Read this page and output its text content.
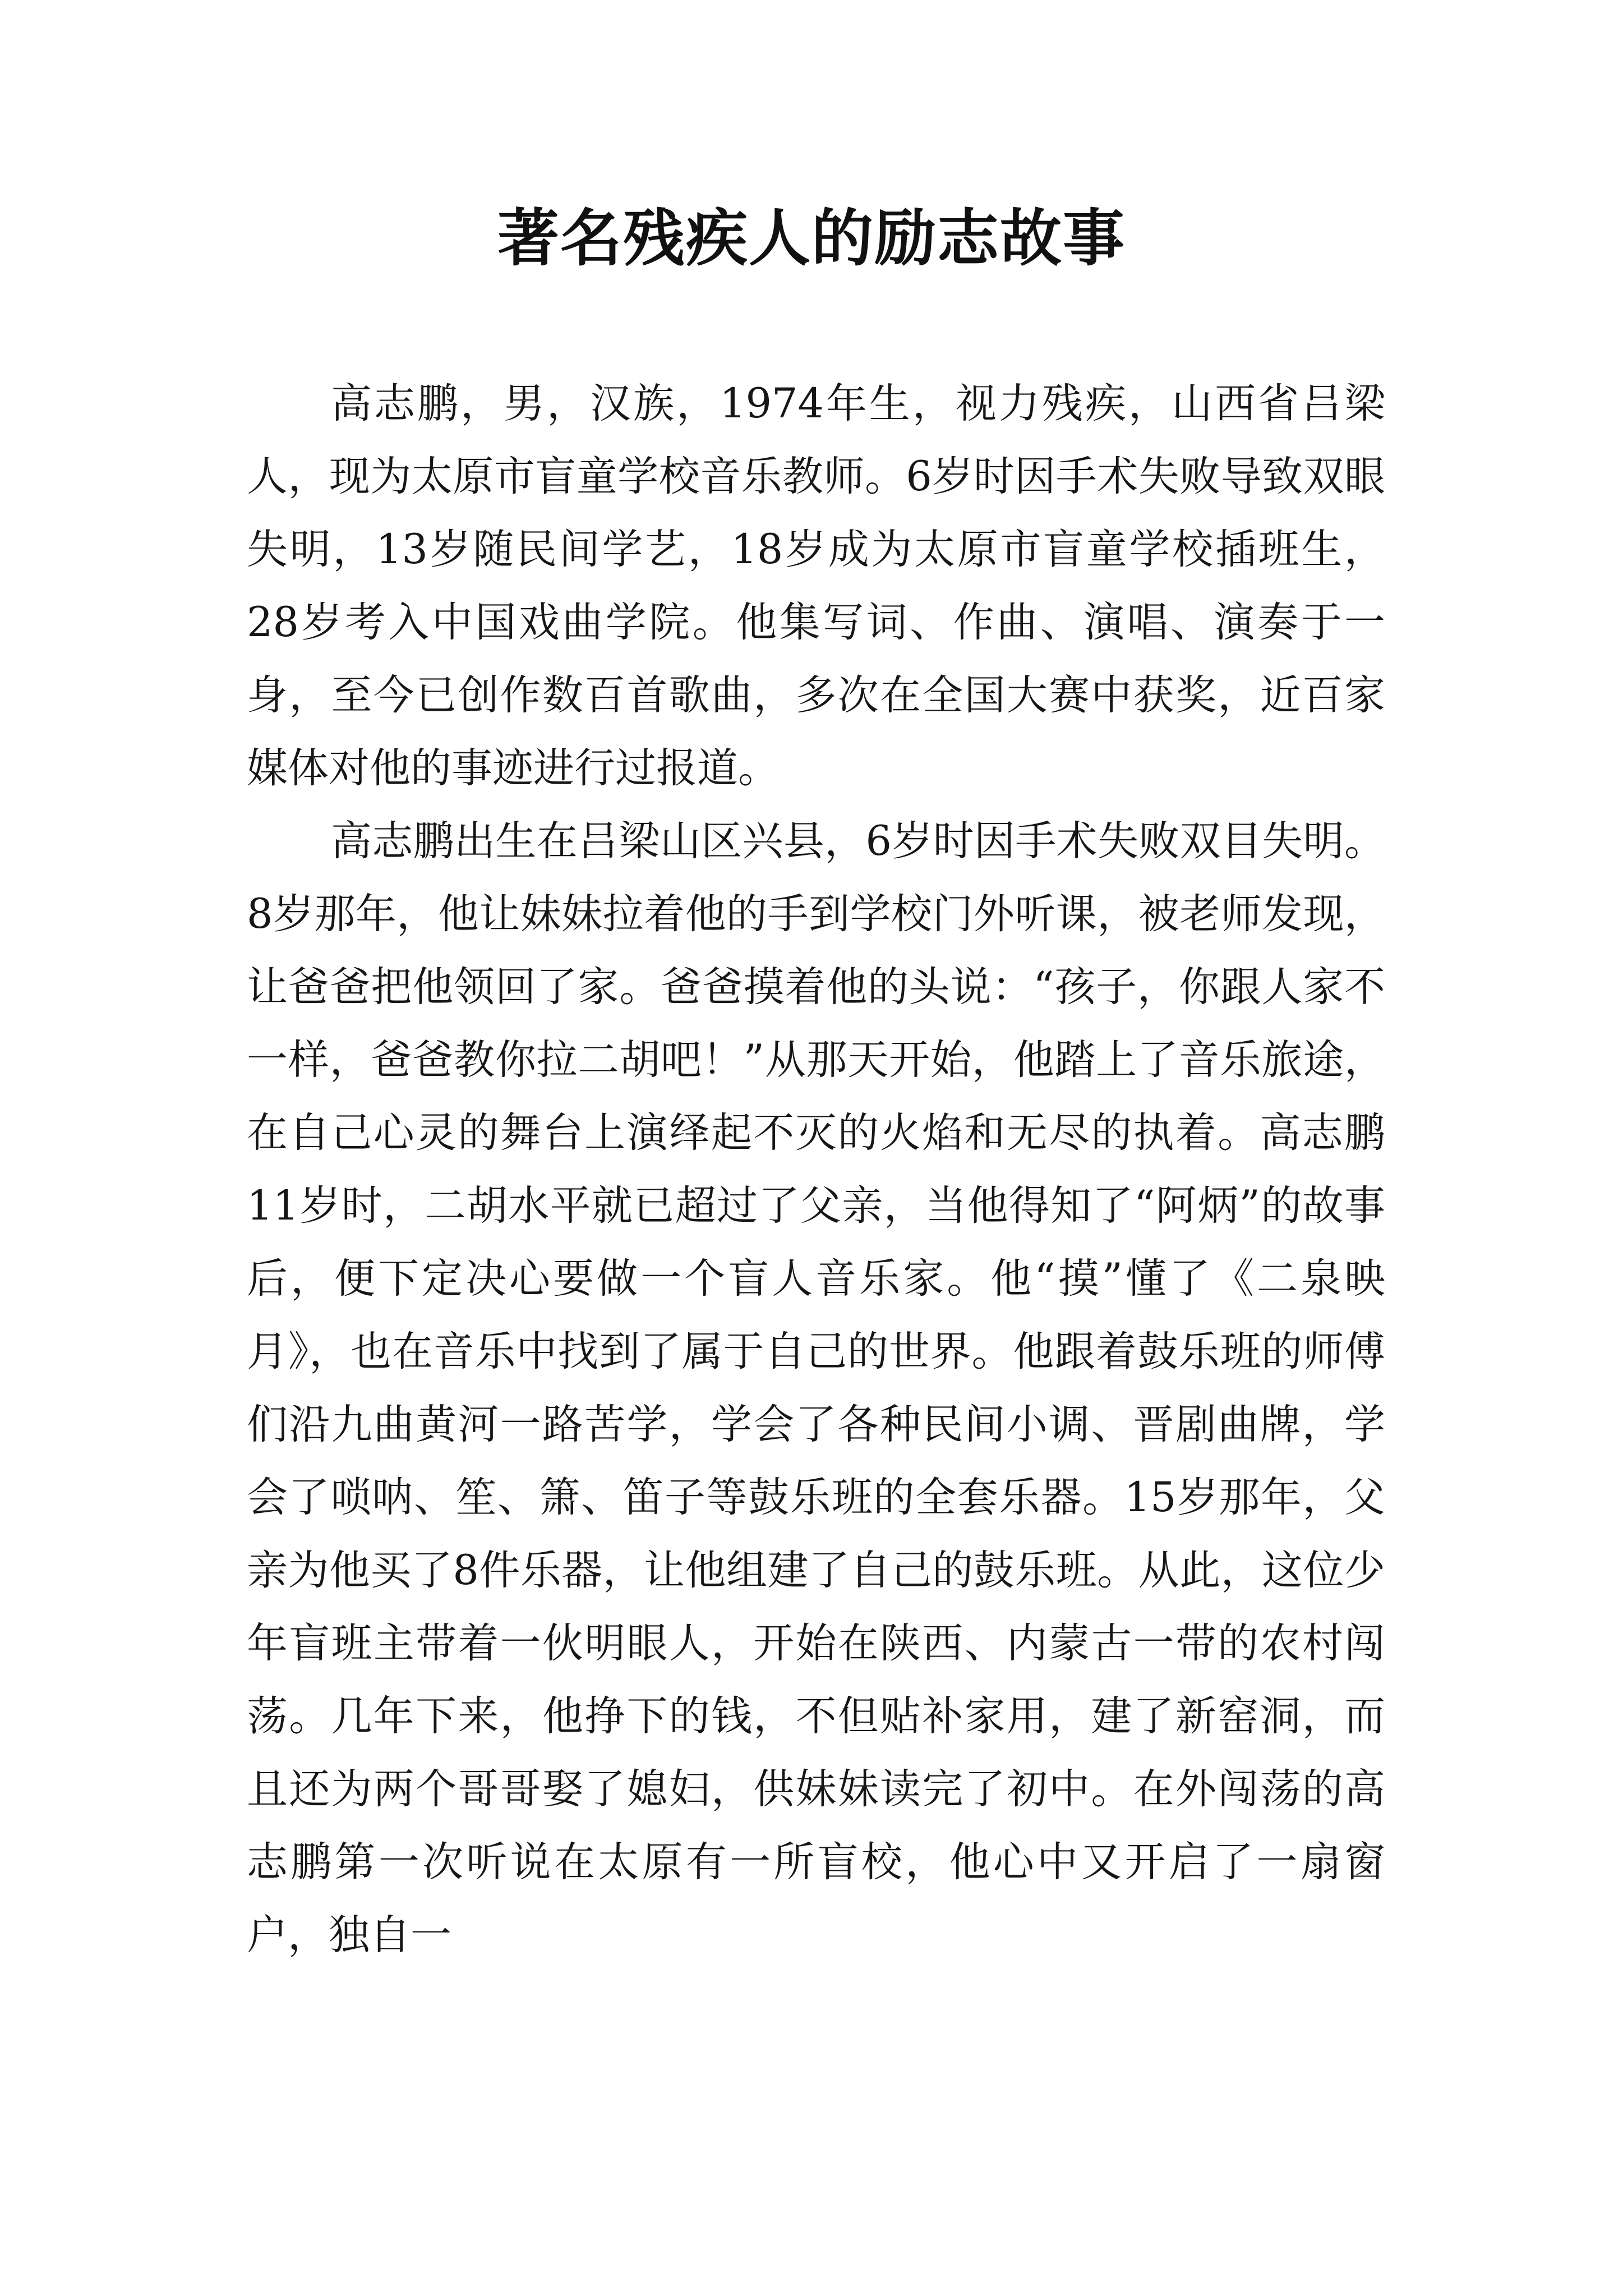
著名残疾人的励志故事

高志鹏，男，汉族，1974年生，视力残疾，山西省吕梁人，现为太原市盲童学校音乐教师。6岁时因手术失败导致双眼失明，13岁随民间学艺，18岁成为太原市盲童学校插班生，28岁考入中国戏曲学院。他集写词、作曲、演唱、演奏于一身，至今已创作数百首歌曲，多次在全国大赛中获奖，近百家媒体对他的事迹进行过报道。

高志鹏出生在吕梁山区兴县，6岁时因手术失败双目失明。8岁那年，他让妹妹拉着他的手到学校门外听课，被老师发现，让爸爸把他领回了家。爸爸摸着他的头说：“孩子，你跟人家不一样，爸爸教你拉二胡吧！”从那天开始，他踏上了音乐旅途，在自己心灵的舞台上演绎起不灭的火焰和无尽的执着。高志鹏11岁时，二胡水平就已超过了父亲，当他得知了“阿炳”的故事后，便下定决心要做一个盲人音乐家。他“摸”懂了《二泉映月》，也在音乐中找到了属于自己的世界。他跟着鼓乐班的师傅们沿九曲黄河一路苦学，学会了各种民间小调、晋剧曲牌，学会了唢呐、笙、箫、笛子等鼓乐班的全套乐器。15岁那年，父亲为他买了8件乐器，让他组建了自己的鼓乐班。从此，这位少年盲班主带着一伙明眼人，开始在陕西、内蒙古一带的农村闯荡。几年下来，他挣下的钱，不但贴补家用，建了新窑洞，而且还为两个哥哥娶了媳妇，供妹妹读完了初中。在外闯荡的高志鹏第一次听说在太原有一所盲校，他心中又开启了一扇窗户，独自一
